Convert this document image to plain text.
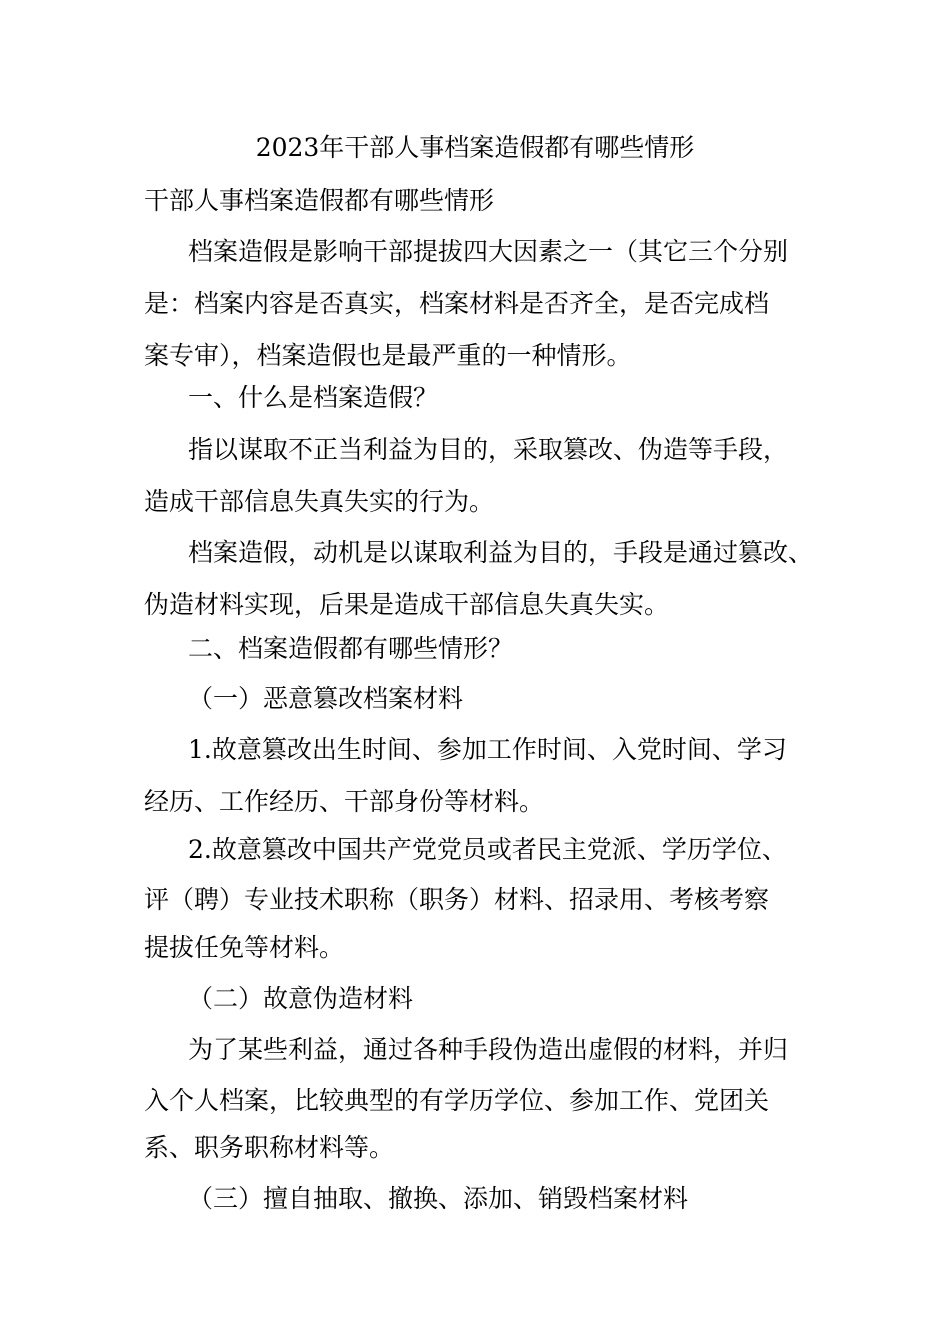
2023年干部人事档案造假都有哪些情形
干部人事档案造假都有哪些情形
档案造假是影响干部提拔四大因素之一（其它三个分别
是：档案内容是否真实，档案材料是否齐全，是否完成档
案专审），档案造假也是最严重的一种情形。
一、什么是档案造假？
指以谋取不正当利益为目的，采取篡改、伪造等手段，
造成干部信息失真失实的行为。
档案造假，动机是以谋取利益为目的，手段是通过篡改、
伪造材料实现，后果是造成干部信息失真失实。
二、档案造假都有哪些情形？
（一）恶意篡改档案材料
1.故意篡改出生时间、参加工作时间、入党时间、学习
经历、工作经历、干部身份等材料。
2.故意篡改中国共产党党员或者民主党派、学历学位、
评（聘）专业技术职称（职务）材料、招录用、考核考察
提拔任免等材料。
（二）故意伪造材料
为了某些利益，通过各种手段伪造出虚假的材料，并归
入个人档案，比较典型的有学历学位、参加工作、党团关
系、职务职称材料等。
（三）擅自抽取、撤换、添加、销毁档案材料
